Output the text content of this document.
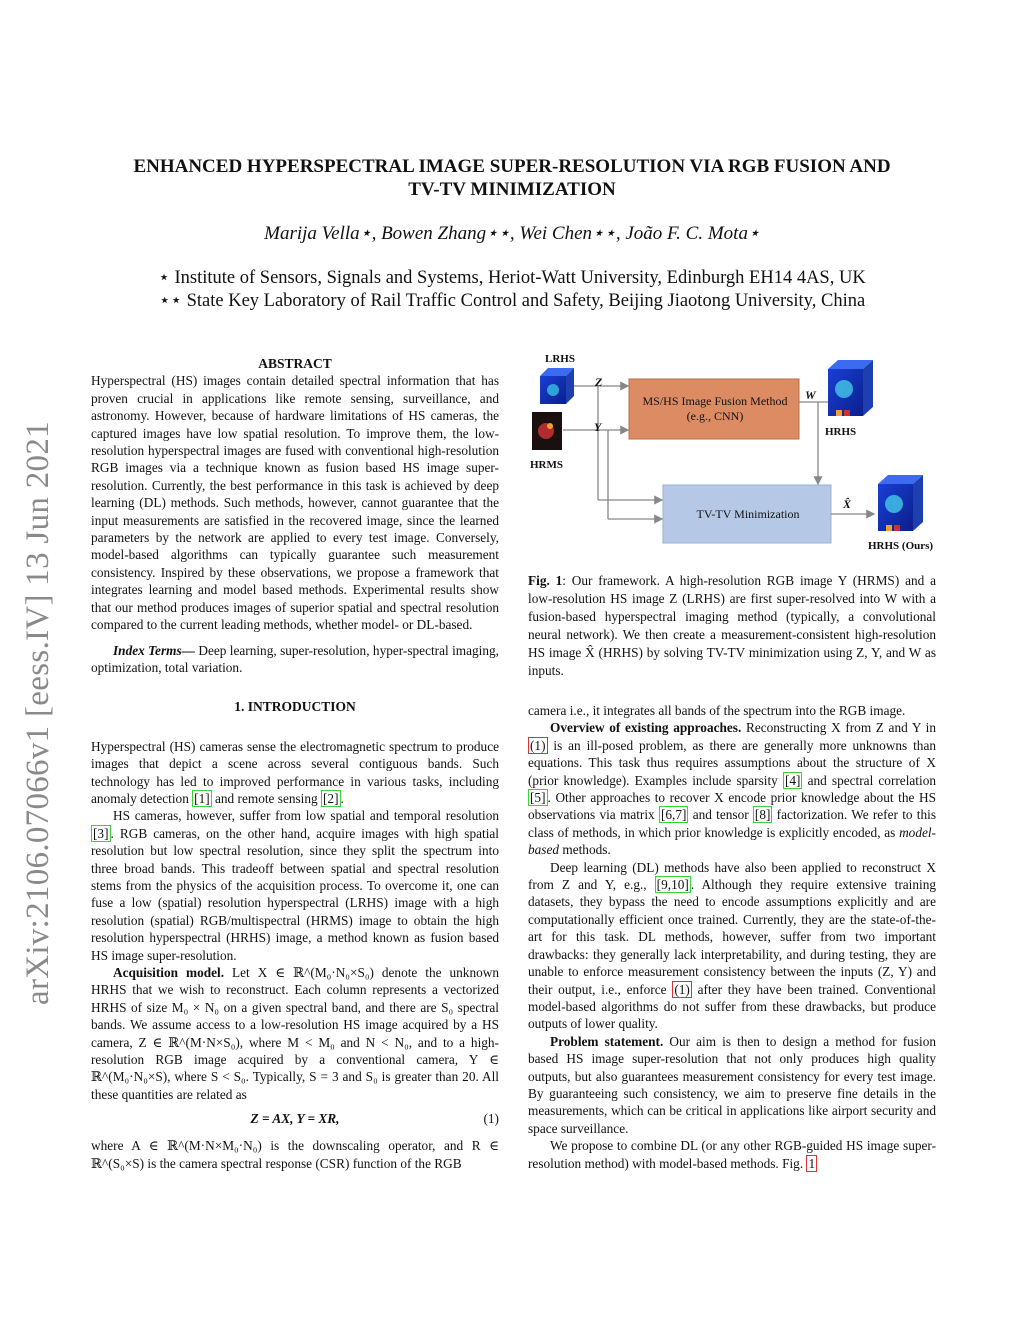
arXiv:2106.07066v1 [eess.IV] 13 Jun 2021
ENHANCED HYPERSPECTRAL IMAGE SUPER-RESOLUTION VIA RGB FUSION AND
TV-TV MINIMIZATION
Marija Vella⋆, Bowen Zhang⋆⋆, Wei Chen⋆⋆, João F. C. Mota⋆
⋆ Institute of Sensors, Signals and Systems, Heriot-Watt University, Edinburgh EH14 4AS, UK
⋆⋆ State Key Laboratory of Rail Traffic Control and Safety, Beijing Jiaotong University, China

ABSTRACT

Hyperspectral (HS) images contain detailed spectral information that has proven crucial in applications like remote sensing, surveillance, and astronomy. However, because of hardware limitations of HS cameras, the captured images have low spatial resolution. To improve them, the low-resolution hyperspectral images are fused with conventional high-resolution RGB images via a technique known as fusion based HS image super-resolution. Currently, the best performance in this task is achieved by deep learning (DL) methods. Such methods, however, cannot guarantee that the input measurements are satisfied in the recovered image, since the learned parameters by the network are applied to every test image. Conversely, model-based algorithms can typically guarantee such measurement consistency. Inspired by these observations, we propose a framework that integrates learning and model based methods. Experimental results show that our method produces images of superior spatial and spectral resolution compared to the current leading methods, whether model- or DL-based.

Index Terms— Deep learning, super-resolution, hyper-spectral imaging, optimization, total variation.

1. INTRODUCTION

Hyperspectral (HS) cameras sense the electromagnetic spectrum to produce images that depict a scene across several contiguous bands. Such technology has led to improved performance in various tasks, including anomaly detection [1] and remote sensing [2] .

HS cameras, however, suffer from low spatial and temporal resolution [3] . RGB cameras, on the other hand, acquire images with high spatial resolution but low spectral resolution, since they split the spectrum into three broad bands. This tradeoff between spatial and spectral resolution stems from the physics of the acquisition process. To overcome it, one can fuse a low (spatial) resolution hyperspectral (LRHS) image with a high resolution (spatial) RGB/multispectral (HRMS) image to obtain the high resolution hyperspectral (HRHS) image, a method known as fusion based HS image super-resolution.

Acquisition model. Let X ∈ ℝ^(M₀·N₀×S₀) denote the unknown HRHS that we wish to reconstruct. Each column represents a vectorized HRHS of size M₀ × N₀ on a given spectral band, and there are S₀ spectral bands. We assume access to a low-resolution HS image acquired by a HS camera, Z ∈ ℝ^(M·N×S₀), where M < M₀ and N < N₀, and to a high-resolution RGB image acquired by a conventional camera, Y ∈ ℝ^(M₀·N₀×S), where S < S₀. Typically, S = 3 and S₀ is greater than 20. All these quantities are related as

Z = AX, Y = XR,	(1)

where A ∈ ℝ^(M·N×M₀·N₀) is the downscaling operator, and R ∈ ℝ^(S₀×S) is the camera spectral response (CSR) function of the RGB

LRHS
HRMS
HRHS
HRHS (Ours)
Z
Y
W
X̂
MS/HS Image Fusion Method
(e.g., CNN)
TV-TV Minimization
Fig. 1: Our framework. A high-resolution RGB image Y (HRMS) and a low-resolution HS image Z (LRHS) are first super-resolved into W with a fusion-based hyperspectral imaging method (typically, a convolutional neural network). We then create a measurement-consistent high-resolution HS image X̂ (HRHS) by solving TV-TV minimization using Z, Y, and W as inputs.

camera i.e., it integrates all bands of the spectrum into the RGB image.

Overview of existing approaches. Reconstructing X from Z and Y in (1) is an ill-posed problem, as there are generally more unknowns than equations. This task thus requires assumptions about the structure of X (prior knowledge). Examples include sparsity [4] and spectral correlation [5] . Other approaches to recover X encode prior knowledge about the HS observations via matrix [6,7] and tensor [8] factorization. We refer to this class of methods, in which prior knowledge is explicitly encoded, as model-based methods.

Deep learning (DL) methods have also been applied to reconstruct X from Z and Y, e.g., [9,10] . Although they require extensive training datasets, they bypass the need to encode assumptions explicitly and are computationally efficient once trained. Currently, they are the state-of-the-art for this task. DL methods, however, suffer from two important drawbacks: they generally lack interpretability, and during testing, they are unable to enforce measurement consistency between the inputs (Z, Y) and their output, i.e., enforce (1) after they have been trained. Conventional model-based algorithms do not suffer from these drawbacks, but produce outputs of lower quality.

Problem statement. Our aim is then to design a method for fusion based HS image super-resolution that not only produces high quality outputs, but also guarantees measurement consistency for every test image. By guaranteeing such consistency, we aim to preserve fine details in the measurements, which can be critical in applications like airport security and space surveillance.

We propose to combine DL (or any other RGB-guided HS image super-resolution method) with model-based methods. Fig. 1
